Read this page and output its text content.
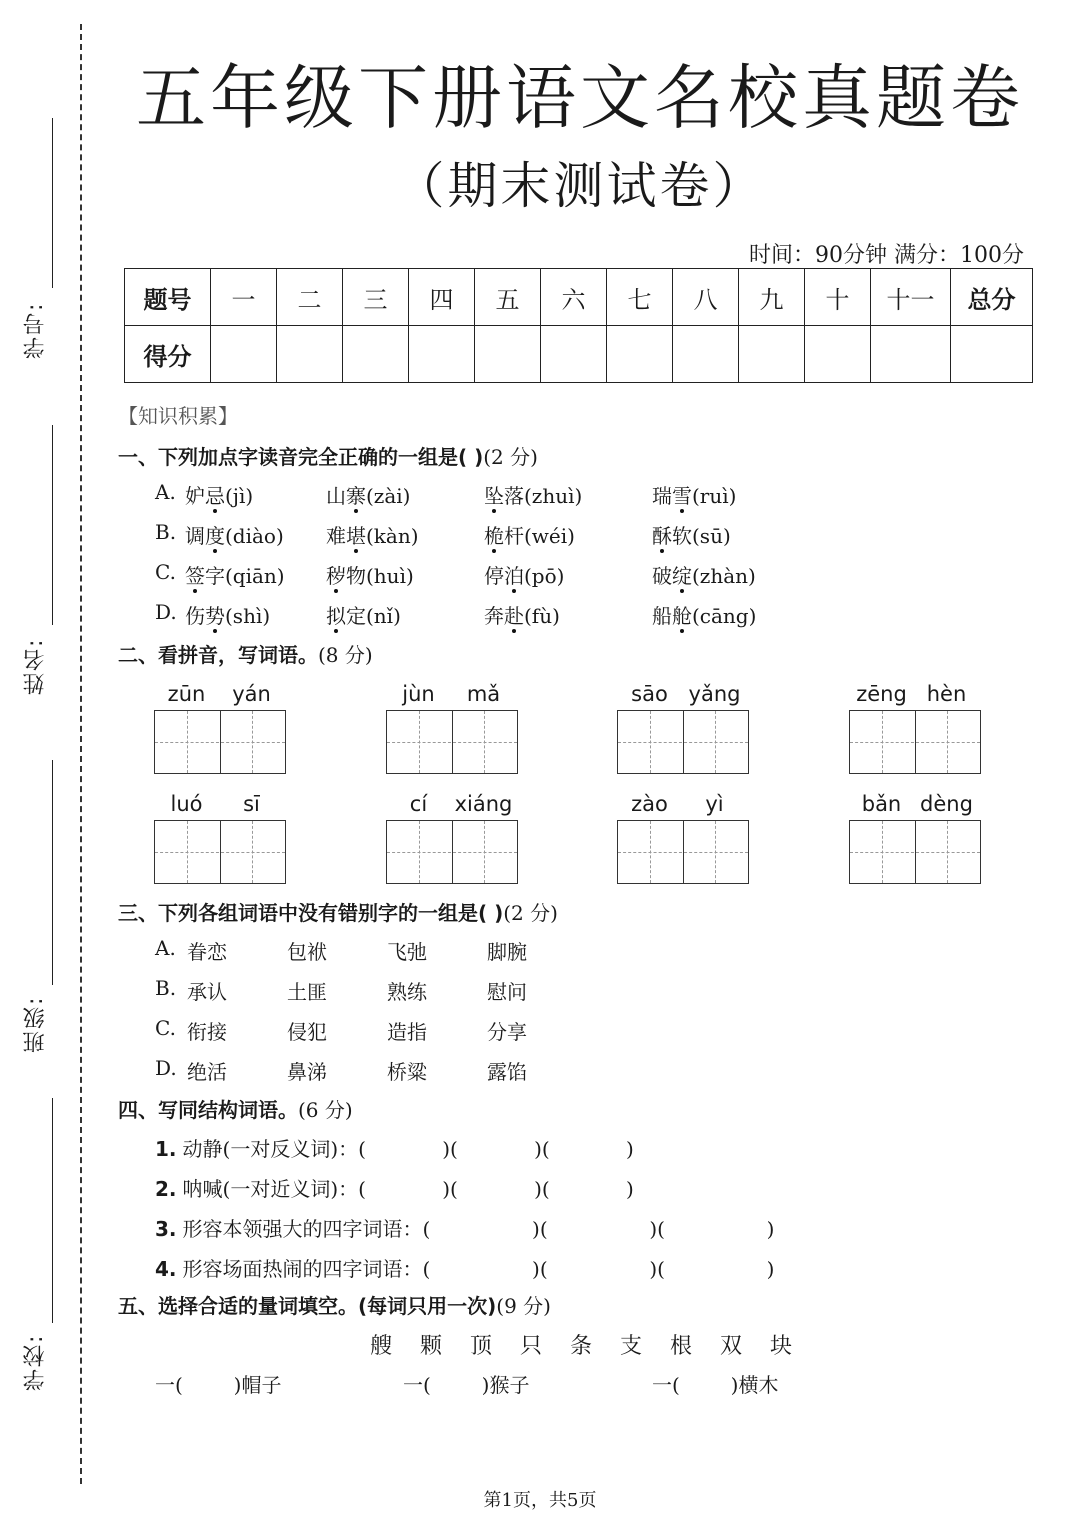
学号:
姓名:
班级:
学校:
五年级下册语文名校真题卷
（期末测试卷）
时间：90分钟 满分：100分
题号	一	二	三	四	五	六	七	八	九	十	十一	总分
得分												
【知识积累】
一、下列加点字读音完全正确的一组是( )(2 分)
A. 妒忌(jì)	山寨(zài)	坠落(zhuì)	瑞雪(ruì)
B. 调度(diào) 难堪(kàn)	桅杆(wéi)	酥软(sū)
C. 签字(qiān) 秽物(huì)	停泊(pō)	破绽(zhàn)
D. 伤势(shì)	拟定(nǐ)	奔赴(fù)	船舱(cāng)
二、看拼音，写词语。(8 分)
zūn	yán	jùn	mǎ	sāo yǎng	zēng hèn
luó	sī	cí	xiáng	zào	yì	bǎn dèng
三、下列各组词语中没有错别字的一组是( )(2 分)
A. 眷恋	包袱	飞弛	脚腕
B. 承认	土匪	熟练	慰问
C. 衔接	侵犯	造指	分享
D. 绝活	鼻涕	桥粱	露馅
四、写同结构词语。(6 分)
1. 动静(一对反义词)：(            )(            )(            )
2. 呐喊(一对近义词)：(            )(            )(            )
3. 形容本领强大的四字词语：(                )(                )(                )
4. 形容场面热闹的四字词语：(                )(                )(                )
五、选择合适的量词填空。(每词只用一次)(9 分)
艘 颗 顶 只 条 支 根 双 块
一(        )帽子	一(        )猴子	一(        )横木
第1页，共5页
